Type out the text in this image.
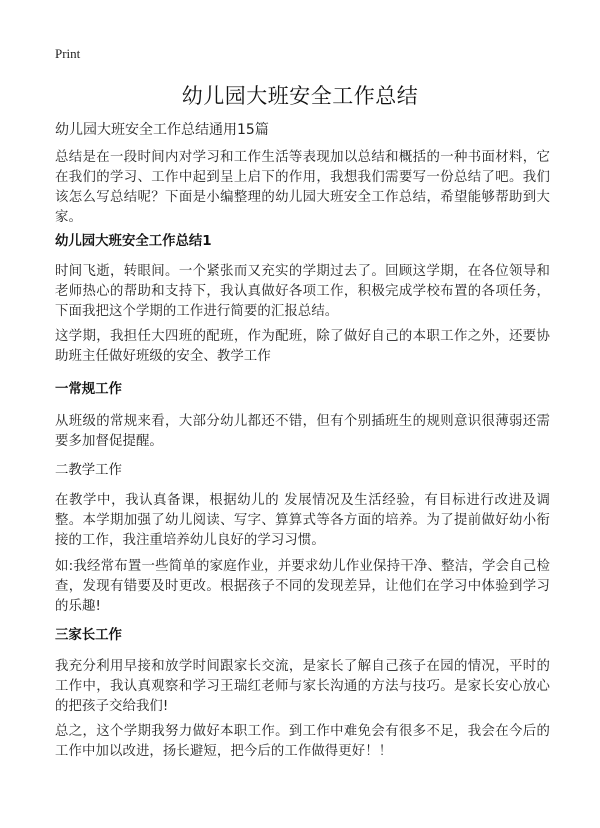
Print
幼儿园大班安全工作总结
幼儿园大班安全工作总结通用15篇

总结是在一段时间内对学习和工作生活等表现加以总结和概括的一种书面材料，它在我们的学习、工作中起到呈上启下的作用，我想我们需要写一份总结了吧。我们该怎么写总结呢？下面是小编整理的幼儿园大班安全工作总结，希望能够帮助到大家。

幼儿园大班安全工作总结1

时间飞逝，转眼间。一个紧张而又充实的学期过去了。回顾这学期，在各位领导和老师热心的帮助和支持下，我认真做好各项工作，积极完成学校布置的各项任务，下面我把这个学期的工作进行简要的汇报总结。

这学期，我担任大四班的配班，作为配班，除了做好自己的本职工作之外，还要协助班主任做好班级的安全、教学工作

一常规工作

从班级的常规来看，大部分幼儿都还不错，但有个别插班生的规则意识很薄弱还需要多加督促提醒。

二教学工作

在教学中，我认真备课，根据幼儿的 发展情况及生活经验，有目标进行改进及调整。本学期加强了幼儿阅读、写字、算算式等各方面的培养。为了提前做好幼小衔接的工作，我注重培养幼儿良好的学习习惯。

如:我经常布置一些简单的家庭作业，并要求幼儿作业保持干净、整洁，学会自己检查，发现有错要及时更改。根据孩子不同的发现差异，让他们在学习中体验到学习的乐趣!

三家长工作

我充分利用早接和放学时间跟家长交流，是家长了解自己孩子在园的情况，平时的工作中，我认真观察和学习王瑞红老师与家长沟通的方法与技巧。是家长安心放心的把孩子交给我们!

总之，这个学期我努力做好本职工作。到工作中难免会有很多不足，我会在今后的工作中加以改进，扬长避短，把今后的工作做得更好！！
